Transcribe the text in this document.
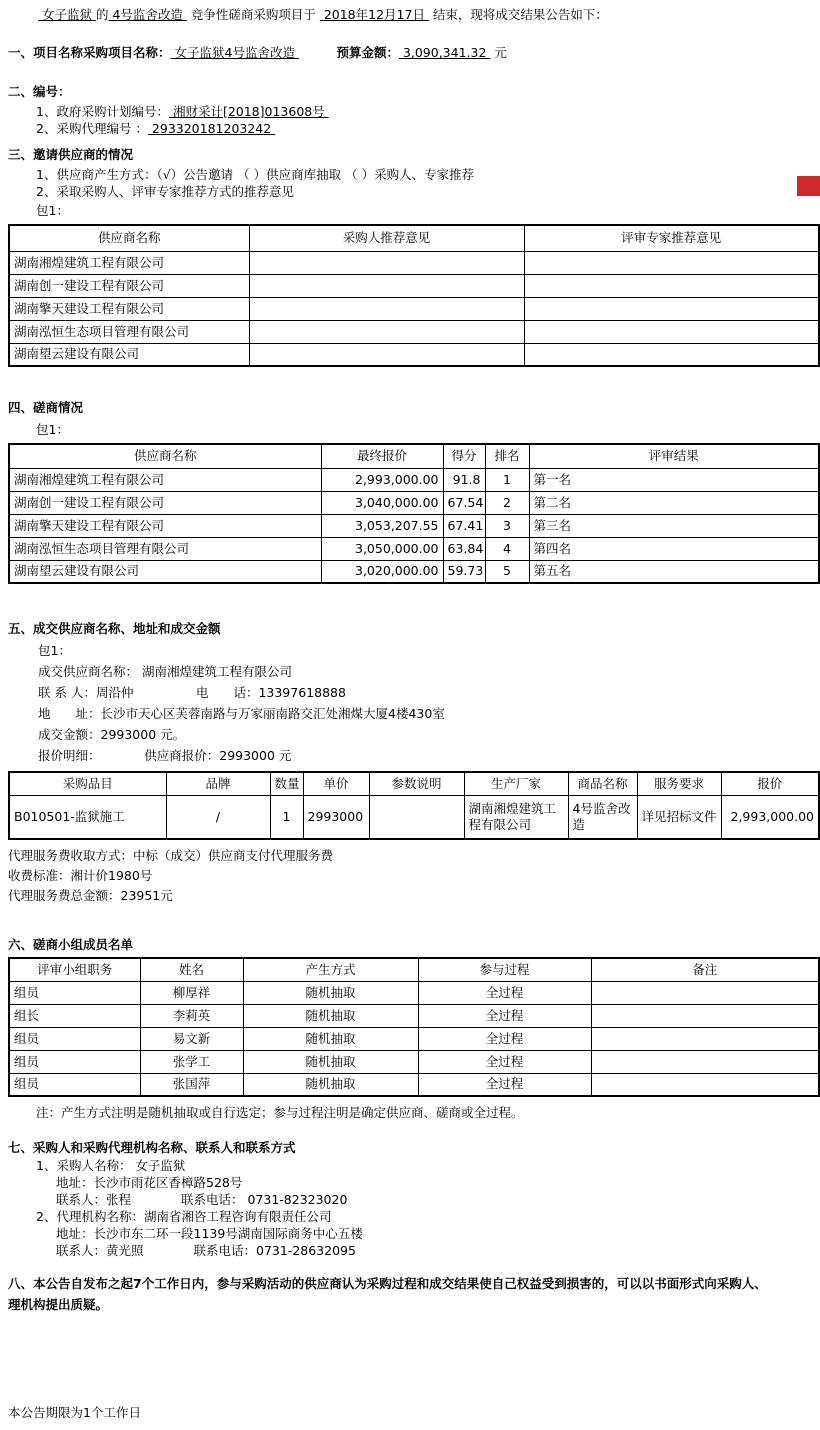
女子监狱 的 4号监舍改造  竞争性磋商采购项目于  2018年12月17日  结束，现将成交结果公告如下：
一、项目名称采购项目名称： 女子监狱4号监舍改造 　　　	预算金额： 3,090,341.32  元
二、编号：
1、政府采购计划编号： 湘财采计[2018]013608号
2、采购代理编号 ： 293320181203242
三、邀请供应商的情况
1、供应商产生方式：（√）公告邀请 （ ）供应商库抽取 （ ）采购人、专家推荐
2、采取采购人、评审专家推荐方式的推荐意见
包1：
供应商名称	采购人推荐意见	评审专家推荐意见
湖南湘煌建筑工程有限公司		
湖南创一建设工程有限公司		
湖南擎天建设工程有限公司		
湖南泓恒生态项目管理有限公司		
湖南望云建设有限公司		
四、磋商情况
包1：
供应商名称	最终报价	得分	排名	评审结果
湖南湘煌建筑工程有限公司	2,993,000.00	91.8	1	第一名
湖南创一建设工程有限公司	3,040,000.00	67.54	2	第二名
湖南擎天建设工程有限公司	3,053,207.55	67.41	3	第三名
湖南泓恒生态项目管理有限公司	3,050,000.00	63.84	4	第四名
湖南望云建设有限公司	3,020,000.00	59.73	5	第五名
五、成交供应商名称、地址和成交金额
包1：
成交供应商名称： 湖南湘煌建筑工程有限公司
联 系 人：周沿仲　　　　　电　　话：13397618888
地　　址：长沙市天心区芙蓉南路与万家丽南路交汇处湘煤大厦4楼430室
成交金额：2993000 元。
报价明细：　　　　供应商报价：2993000 元
采购品目	品牌	数量	单价	参数说明	生产厂家	商品名称	服务要求	报价
B010501-监狱施工	/	1	2993000		湖南湘煌建筑工程有限公司	4号监舍改造	详见招标文件	2,993,000.00
代理服务费收取方式：中标（成交）供应商支付代理服务费
收费标准：湘计价1980号
代理服务费总金额：23951元
六、磋商小组成员名单
评审小组职务	姓名	产生方式	参与过程	备注
组员	柳厚祥	随机抽取	全过程	
组长	李莉英	随机抽取	全过程	
组员	易文新	随机抽取	全过程	
组员	张学工	随机抽取	全过程	
组员	张国萍	随机抽取	全过程	
注：产生方式注明是随机抽取或自行选定；参与过程注明是确定供应商、磋商或全过程。
七、采购人和采购代理机构名称、联系人和联系方式
1、采购人名称： 女子监狱
地址：长沙市雨花区香樟路528号
联系人：张程　　　　联系电话： 0731-82323020
2、代理机构名称：湖南省湘咨工程咨询有限责任公司
地址：长沙市东二环一段1139号湖南国际商务中心五楼
联系人：黄光照　　　　联系电话：0731-28632095
八、本公告自发布之起7个工作日内，参与采购活动的供应商认为采购过程和成交结果使自己权益受到损害的，可以以书面形式向采购人、
理机构提出质疑。
本公告期限为1个工作日
